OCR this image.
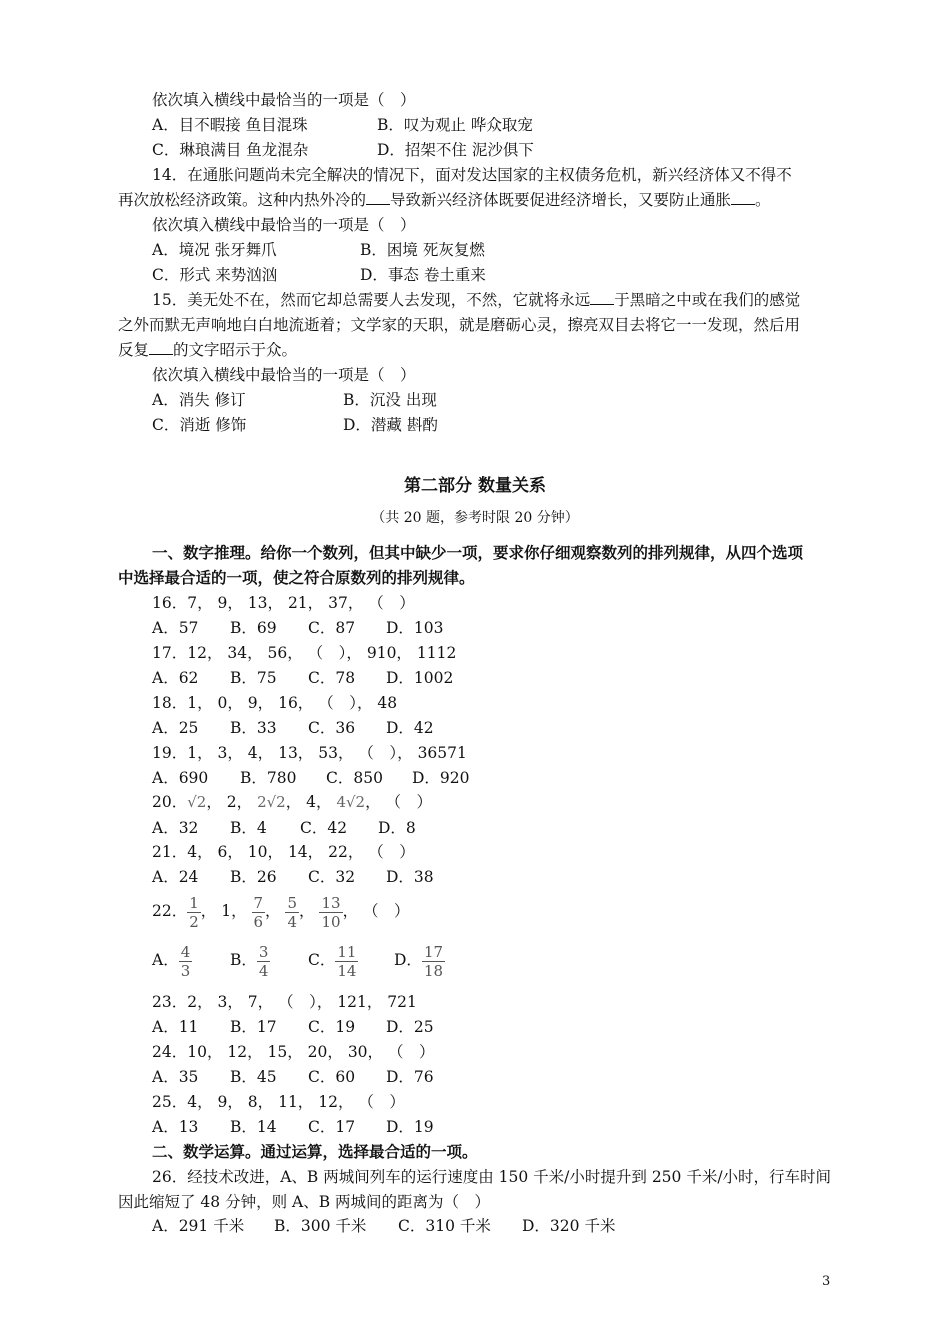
依次填入横线中最恰当的一项是（　）
A．目不暇接 鱼目混珠	B．叹为观止 哗众取宠
C．琳琅满目 鱼龙混杂	D．招架不住 泥沙俱下
14．在通胀问题尚未完全解决的情况下，面对发达国家的主权债务危机，新兴经济体又不得不
再次放松经济政策。这种内热外冷的 导致新兴经济体既要促进经济增长，又要防止通胀 。
依次填入横线中最恰当的一项是（　）
A．境况 张牙舞爪	B．困境 死灰复燃
C．形式 来势汹汹	D．事态 卷土重来
15．美无处不在，然而它却总需要人去发现，不然，它就将永远 于黑暗之中或在我们的感觉
之外而默无声响地白白地流逝着；文学家的天职，就是磨砺心灵，擦亮双目去将它一一发现，然后用
反复 的文字昭示于众。
依次填入横线中最恰当的一项是（　）
A．消失 修订	B．沉没 出现
C．消逝 修饰	D．潜藏 斟酌
第二部分 数量关系
（共 20 题，参考时限 20 分钟）
一、数字推理。给你一个数列，但其中缺少一项，要求你仔细观察数列的排列规律，从四个选项
中选择最合适的一项，使之符合原数列的排列规律。
16．7， 9， 13， 21， 37， （　）
A．57 B．69 C．87 D．103
17．12， 34， 56， （　）， 910， 1112
A．62 B．75 C．78 D．1002
18．1， 0， 9， 16， （　）， 48
A．25 B．33 C．36 D．42
19．1， 3， 4， 13， 53， （　）， 36571
A．690 B．780 C．850 D．920
20．√2， 2， 2√2， 4， 4√2， （　）
A．32 B．4 C．42 D．8
21．4， 6， 10， 14， 22， （　）
A．24 B．26 C．32 D．38
22． $\frac{1}{2}$ ， 1， $\frac{7}{6}$ ， $\frac{5}{4}$ ， $\frac{13}{10}$ ， （　）
A． $\frac{4}{3}$ B． $\frac{3}{4}$ C． $\frac{11}{14}$ D． $\frac{17}{18}$
23．2， 3， 7， （　）， 121， 721
A．11 B．17 C．19 D．25
24．10， 12， 15， 20， 30， （　）
A．35 B．45 C．60 D．76
25．4， 9， 8， 11， 12， （　）
A．13 B．14 C．17 D．19
二、数学运算。通过运算，选择最合适的一项。
26．经技术改进，A、B 两城间列车的运行速度由 150 千米/小时提升到 250 千米/小时，行车时间
因此缩短了 48 分钟，则 A、B 两城间的距离为（　）
A．291 千米 B．300 千米 C．310 千米 D．320 千米
3
